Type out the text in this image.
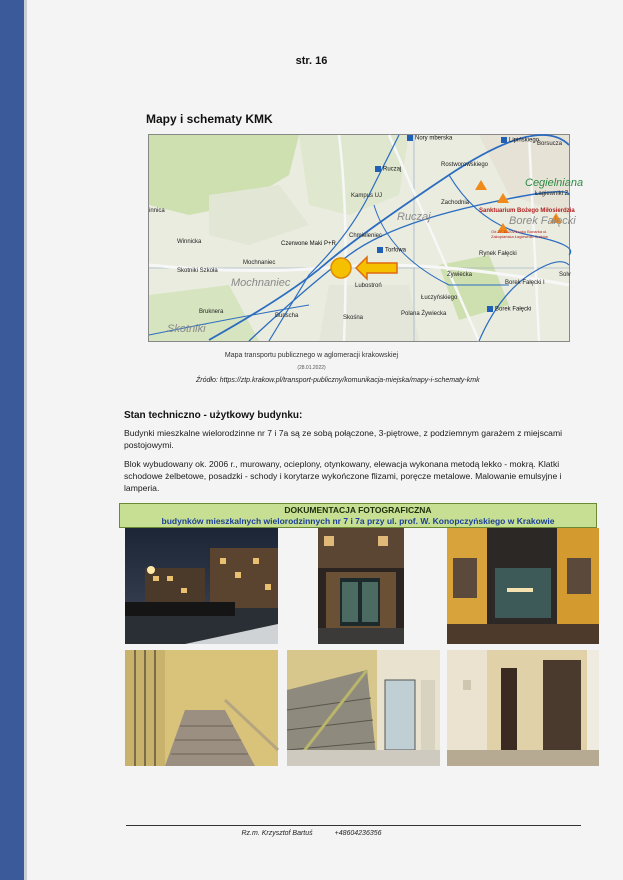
str. 16
Mapy i schematy KMK
Nory mberska	Lipińskiego
Borsucza
Ruczaj
Rostworowskiego
Kampus UJ
Zachodnia
Ruczaj
Cegielniana
Łagiewniki Z
Sanktuarium Bożego Miłosierdzia
Borek Fałęcki
Winnicka
Chmieleniec
Torfowa
Rynek Fałęcki
Mochnaniec
Czerwone Maki P+R
Skotniki Szkoła
Żywiecka
Borek Fałęcki I
Solv
Mochnaniec	Lubostroń
Łuczyńskiego
Bruknera
Bunscha	Skośna
Polana Żywiecka
Borek Fałęcki
Skotniki
innica
Od 27.11.2021 roku Bonarka ul. Zakopiańska Łagiewniki Kraków
Mapa transportu publicznego w aglomeracji krakowskiej
(28.01.2022)
Źródło: https://ztp.krakow.pl/transport-publiczny/komunikacja-miejska/mapy-i-schematy-kmk
Stan techniczno - użytkowy budynku:
Budynki mieszkalne wielorodzinne nr 7 i 7a są ze sobą połączone, 3-piętrowe, z podziemnym garażem z miejscami postojowymi.
Blok wybudowany ok. 2006 r., murowany, ocieplony, otynkowany, elewacja wykonana metodą lekko - mokrą. Klatki schodowe żelbetowe, posadzki - schody i korytarze wykończone flizami, poręcze metalowe. Malowanie emulsyjne i lamperia.
DOKUMENTACJA FOTOGRAFICZNA
budynków mieszkalnych wielorodzinnych nr 7 i 7a przy ul. prof. W. Konopczyńskiego w Krakowie
Rz.m. Krzysztof Bartuś	+48604236356
